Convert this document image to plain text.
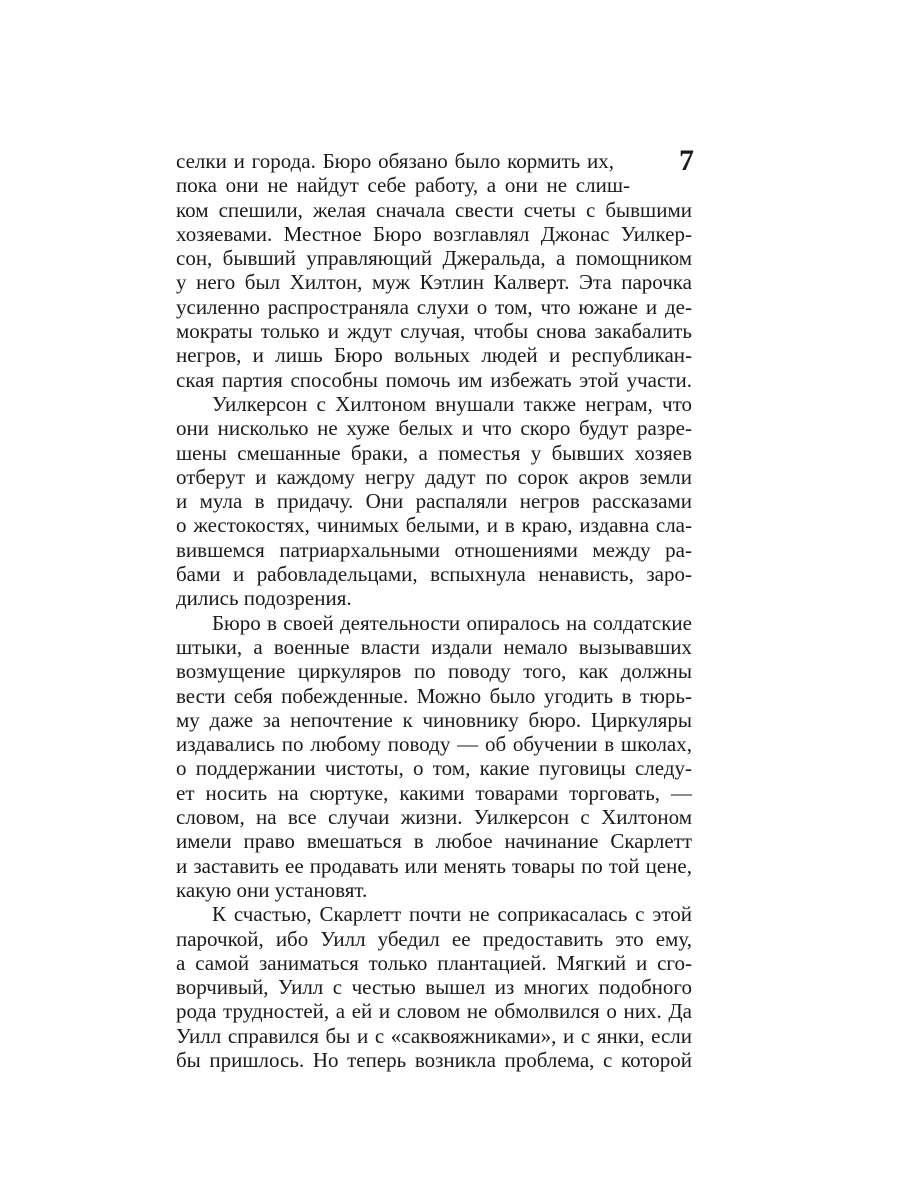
7
селки и города. Бюро обязано было кормить их,
пока они не найдут себе работу, а они не слиш-
ком спешили, желая сначала свести счеты с бывшими
хозяевами. Местное Бюро возглавлял Джонас Уилкер-
сон, бывший управляющий Джеральда, а помощником
у него был Хилтон, муж Кэтлин Калверт. Эта парочка
усиленно распространяла слухи о том, что южане и де-
мократы только и ждут случая, чтобы снова закабалить
негров, и лишь Бюро вольных людей и республикан-
ская партия способны помочь им избежать этой участи.
Уилкерсон с Хилтоном внушали также неграм, что
они нисколько не хуже белых и что скоро будут разре-
шены смешанные браки, а поместья у бывших хозяев
отберут и каждому негру дадут по сорок акров земли
и мула в придачу. Они распаляли негров рассказами
о жестокостях, чинимых белыми, и в краю, издавна сла-
вившемся патриархальными отношениями между ра-
бами и рабовладельцами, вспыхнула ненависть, заро-
дились подозрения.
Бюро в своей деятельности опиралось на солдатские
штыки, а военные власти издали немало вызывавших
возмущение циркуляров по поводу того, как должны
вести себя побежденные. Можно было угодить в тюрь-
му даже за непочтение к чиновнику бюро. Циркуляры
издавались по любому поводу — об обучении в школах,
о поддержании чистоты, о том, какие пуговицы следу-
ет носить на сюртуке, какими товарами торговать, —
словом, на все случаи жизни. Уилкерсон с Хилтоном
имели право вмешаться в любое начинание Скарлетт
и заставить ее продавать или менять товары по той цене,
какую они установят.
К счастью, Скарлетт почти не соприкасалась с этой
парочкой, ибо Уилл убедил ее предоставить это ему,
а самой заниматься только плантацией. Мягкий и сго-
ворчивый, Уилл с честью вышел из многих подобного
рода трудностей, а ей и словом не обмолвился о них. Да
Уилл справился бы и с «саквояжниками», и с янки, если
бы пришлось. Но теперь возникла проблема, с которой
